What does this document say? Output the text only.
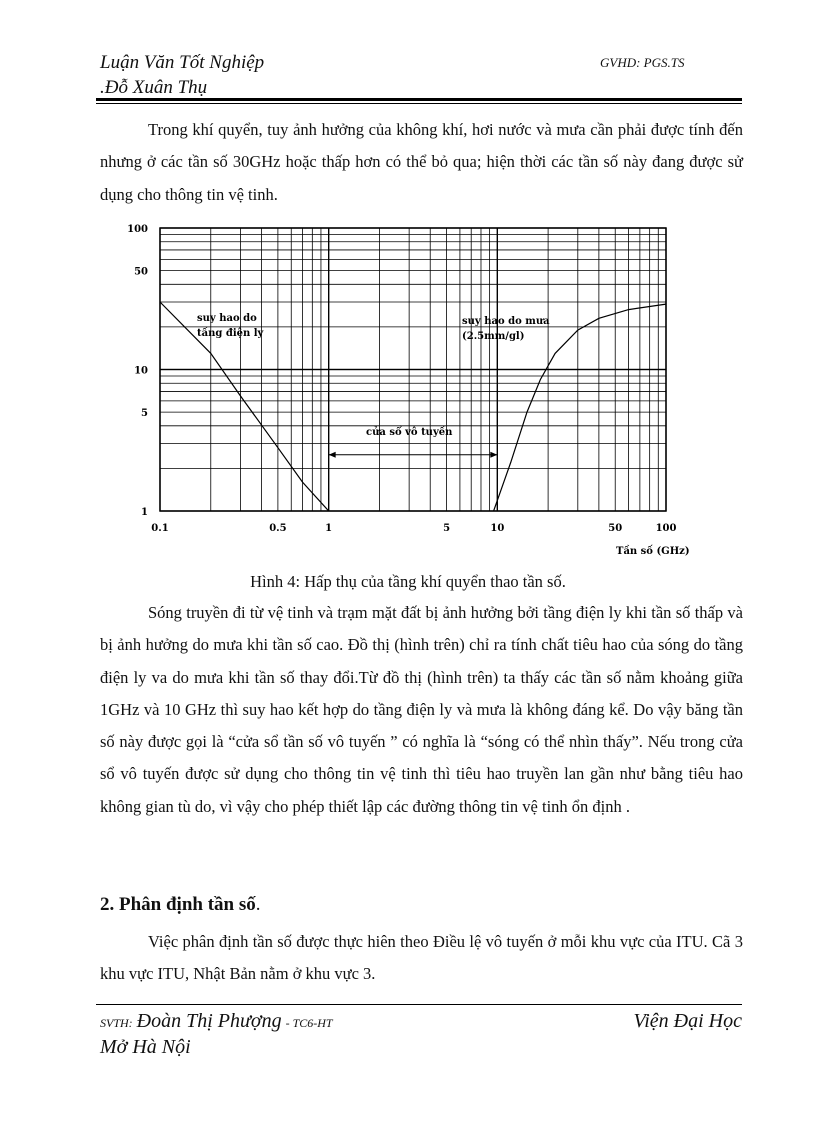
Luận Văn Tốt Nghiệp
.Đỗ Xuân Thụ
GVHD: PGS.TS

Trong khí quyển, tuy ảnh hưởng của không khí, hơi nước và mưa cần phải được tính đến nhưng ở các tần số 30GHz hoặc thấp hơn có thể bỏ qua; hiện thời các tần số này đang được sử dụng cho thông tin vệ tinh.

100
50
10
5
1
0.1	0.5	1	5	10	50	100
suy hao do
tầng điện ly
suy hao do mưa
(2.5mm/gl)
cửa sổ vô tuyến
Tần số (GHz)
Hình 4: Hấp thụ của tầng khí quyển thao tần số.

Sóng truyền đi từ vệ tinh và trạm mặt đất bị ảnh hưởng bởi tầng điện ly khi tần số thấp và bị ảnh hưởng do mưa khi tần số cao. Đồ thị (hình trên) chỉ ra tính chất tiêu hao của sóng do tầng điện ly va do mưa khi tần số thay đổi.Từ đồ thị (hình trên) ta thấy các tần số nằm khoảng giữa 1GHz và 10 GHz thì suy hao kết hợp do tầng điện ly và mưa là không đáng kể. Do vậy băng tần số này được gọi là “cửa sổ tần số vô tuyến ” có nghĩa là “sóng có thể nhìn thấy”. Nếu trong cửa sổ vô tuyến được sử dụng cho thông tin vệ tinh thì tiêu hao truyền lan gần như bằng tiêu hao không gian tù do, vì vậy cho phép thiết lập các đường thông tin vệ tinh ổn định .

2. Phân định tần số.

Việc phân định tần số được thực hiên theo Điều lệ vô tuyến ở mỗi khu vực của ITU. Cã 3 khu vực ITU, Nhật Bản nằm ở khu vực 3.

SVTH: Đoàn Thị Phượng - TC6-HT	Viện Đại Học
Mở Hà Nội
